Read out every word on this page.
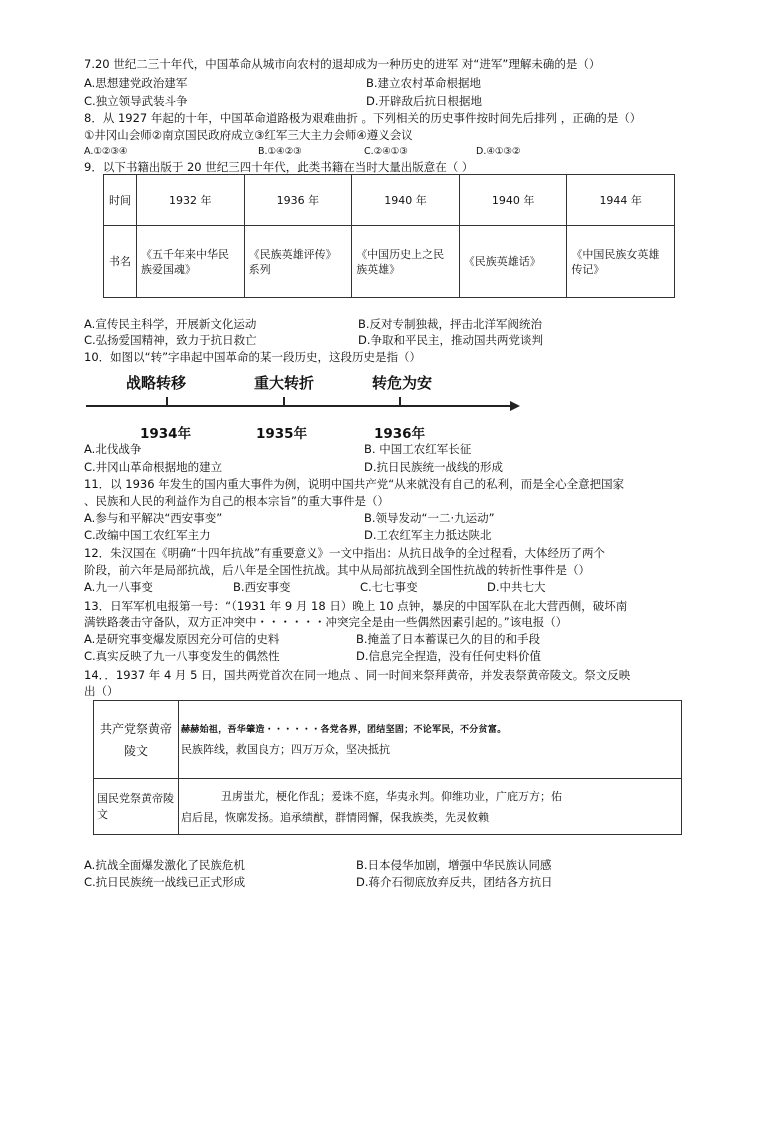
7.20 世纪二三十年代，中国革命从城市向农村的退却成为一种历史的进军 对“进军”理解未确的是（）
A.思想建党政治建军	B.建立农村革命根据地
C.独立领导武装斗争	D.开辟敌后抗日根据地
8．从 1927 年起的十年，中国革命道路极为艰难曲折 。下列相关的历史事件按时间先后排列 ，正确的是（）
①井冈山会师②南京国民政府成立③红军三大主力会师④遵义会议
A.①②③④	B.①④②③	C.②④①③	D.④①③②
9．以下书籍出版于 20 世纪三四十年代，此类书籍在当时大量出版意在（ ）
时间	1932 年	1936 年	1940 年	1940 年	1944 年
书名	《五千年来中华民族爱国魂》	《民族英雄评传》系列	《中国历史上之民族英雄》	《民族英雄话》	《中国民族女英雄传记》
A.宣传民主科学，开展新文化运动	B.反对专制独裁，抨击北洋军阀统治
C.弘扬爱国精神，致力于抗日救亡	D.争取和平民主，推动国共两党谈判
10．如图以“转”字串起中国革命的某一段历史，这段历史是指（）
战略转移	重大转折	转危为安
1934年	1935年	1936年
A.北伐战争	B. 中国工农红军长征
C.井冈山革命根据地的建立	D.抗日民族统一战线的形成
11．以 1936 年发生的国内重大事件为例，说明中国共产党“从来就没有自己的私利，而是全心全意把国家
、民族和人民的利益作为自己的根本宗旨”的重大事件是（）
A.参与和平解决“西安事变”	B.领导发动“一二·九运动”
C.改编中国工农红军主力	D.工农红军主力抵达陕北
12．朱汉国在《明确“十四年抗战”有重要意义》一文中指出：从抗日战争的全过程看，大体经历了两个
阶段，前六年是局部抗战，后八年是全国性抗战。其中从局部抗战到全国性抗战的转折性事件是（）
A.九一八事变	B.西安事变	C.七七事变	D.中共七大
13．日军军机电报第一号：“（1931 年 9 月 18 日）晚上 10 点钟，暴戾的中国军队在北大营西侧，破坏南
满铁路袭击守备队，双方正冲突中・・・・・・冲突完全是由一些偶然因素引起的。”该电报（）
A.是研究事变爆发原因充分可信的史料	B.掩盖了日本蓄谋已久的目的和手段
C.真实反映了九一八事变发生的偶然性	D.信息完全捏造，没有任何史料价值
14．．1937 年 4 月 5 日，国共两党首次在同一地点 、同一时间来祭拜黄帝，并发表祭黄帝陵文。祭文反映
出（）
共产党祭黄帝陵文	赫赫始祖，吾华肇造・・・・・・各党各界，团结坚固；不论军民，不分贫富。
民族阵线，救国良方；四万万众，坚决抵抗

国民党祭黄帝陵文	丑虏蚩尤，梗化作乱；爰诛不庭，华夷永判。仰维功业，广庇万方；佑
启后昆，恢廓发扬。追承绩猷，群情罔懈，保我族类，先灵攸赖
A.抗战全面爆发激化了民族危机	B.日本侵华加剧，增强中华民族认同感
C.抗日民族统一战线已正式形成	D.蒋介石彻底放弃反共，团结各方抗日
